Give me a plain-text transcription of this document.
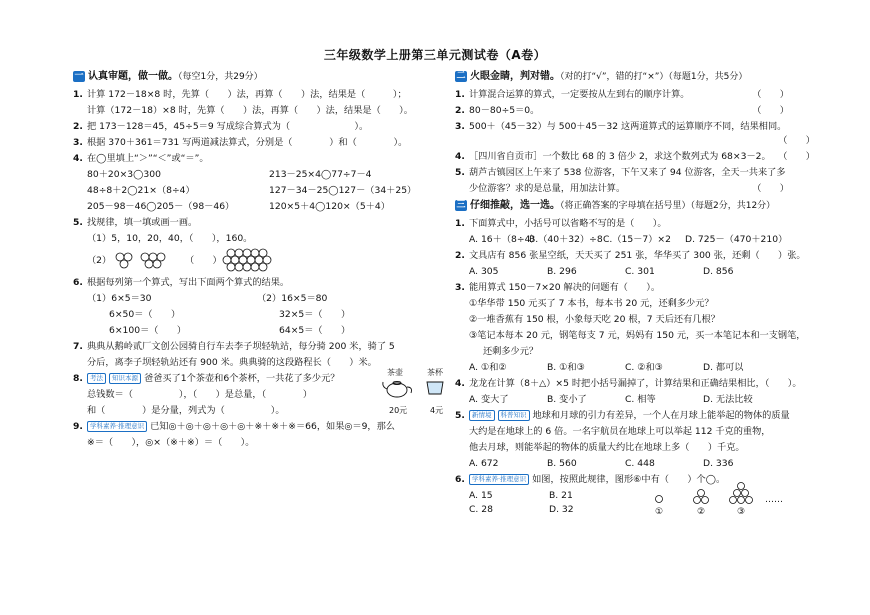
三年级数学上册第三单元测试卷（A卷）
一 认真审题，做一做。（每空1分，共29分）
1. 计算 172－18×8 时，先算（　　）法，再算（　　）法，结果是（　　　）；
计算（172－18）×8 时，先算（　　）法，再算（　　）法，结果是（　　）。
2. 把 173－128＝45，45÷5＝9 写成综合算式为（　　　　　　　）。
3. 根据 370＋361＝731 写两道减法算式，分别是（　　　　）和（　　　　）。
4. 在◯里填上“＞”“＜”或“＝”。
80＋20×3◯300	213－25×4◯77÷7－4
48÷8＋2◯21×（8÷4）	127－34－25◯127－（34＋25）
205－98－46◯205－（98－46）	120×5＋4◯120×（5＋4）
5. 找规律，填一填或画一画。
（1）5，10，20，40，（　　），160。
（2）	（　　）
6. 根据每列第一个算式，写出下面两个算式的结果。
（1）6×5＝30	（2）16×5＝80
6×50＝（　　）	32×5＝（　　）
6×100＝（　　）	64×5＝（　　）
7. 典典从鹅岭贰厂文创公园骑自行车去李子坝轻轨站，每分骑 200 米，骑了 5
分后，离李子坝轻轨站还有 900 米。典典骑的这段路程长（　　）米。
8.	考法 知识本源 爸爸买了1个茶壶和6个茶杯，一共花了多少元？
总钱数＝（　　　　　），（　　）是总量，（　　　　）
和（　　　　）是分量，列式为（　　　　　）。
茶壶	茶杯
20元	4元
9.	学科素养·推理意识 已知◎＋◎＋◎＋◎＋◎＋※＋※＋※＝66，如果◎＝9，那么
※＝（　　），◎×（※＋※）＝（　　）。
二 火眼金睛，判对错。（对的打“√”，错的打“×”）（每题1分，共5分）
1. 计算混合运算的算式，一定要按从左到右的顺序计算。	（　　）
2. 80－80÷5＝0。	（　　）
3. 500＋（45－32）与 500＋45－32 这两道算式的运算顺序不同，结果相同。
（　　）
4. ［四川省自贡市］一个数比 68 的 3 倍少 2，求这个数列式为 68×3－2。 （　　）
5. 葫芦古镇园区上午来了 538 位游客，下午又来了 94 位游客，全天一共来了多
少位游客？求的是总量，用加法计算。	（　　）
三 仔细推敲，选一选。（将正确答案的字母填在括号里）（每题2分，共12分）
1. 下面算式中，小括号可以省略不写的是（　　）。
A. 16＋（8÷4）
B.（40＋32）÷8 C.（15－7）×2	D. 725－（470＋210）
2. 文具店有 856 张星空纸，天天买了 251 张，华华买了 300 张，还剩（　　）张。
A. 305	B. 296	C. 301	D. 856
3. 能用算式 150－7×20 解决的问题有（　　）。
①华华带 150 元买了 7 本书，每本书 20 元，还剩多少元？
②一堆香蕉有 150 根，小象每天吃 20 根，7 天后还有几根？
③笔记本每本 20 元，钢笔每支 7 元，妈妈有 150 元，买一本笔记本和一支钢笔，
还剩多少元？
A. ①和②	B. ①和③	C. ②和③	D. 都可以
4. 龙龙在计算（8＋△）×5 时把小括号漏掉了，计算结果和正确结果相比，（　　）。
A. 变大了	B. 变小了	C. 相等	D. 无法比较
5.	新情境 科普知识 地球和月球的引力有差异，一个人在月球上能举起的物体的质量
大约是在地球上的 6 倍。一名宇航员在地球上可以举起 112 千克的重物，
他去月球，则能举起的物体的质量大约比在地球上多（　　）千克。
A. 672	B. 560	C. 448	D. 336
6.	学科素养·推理意识 如图，按照此规律，图形⑥中有（　　）个◯。
A. 15	B. 21
C. 28	D. 32	①	②	③
……
